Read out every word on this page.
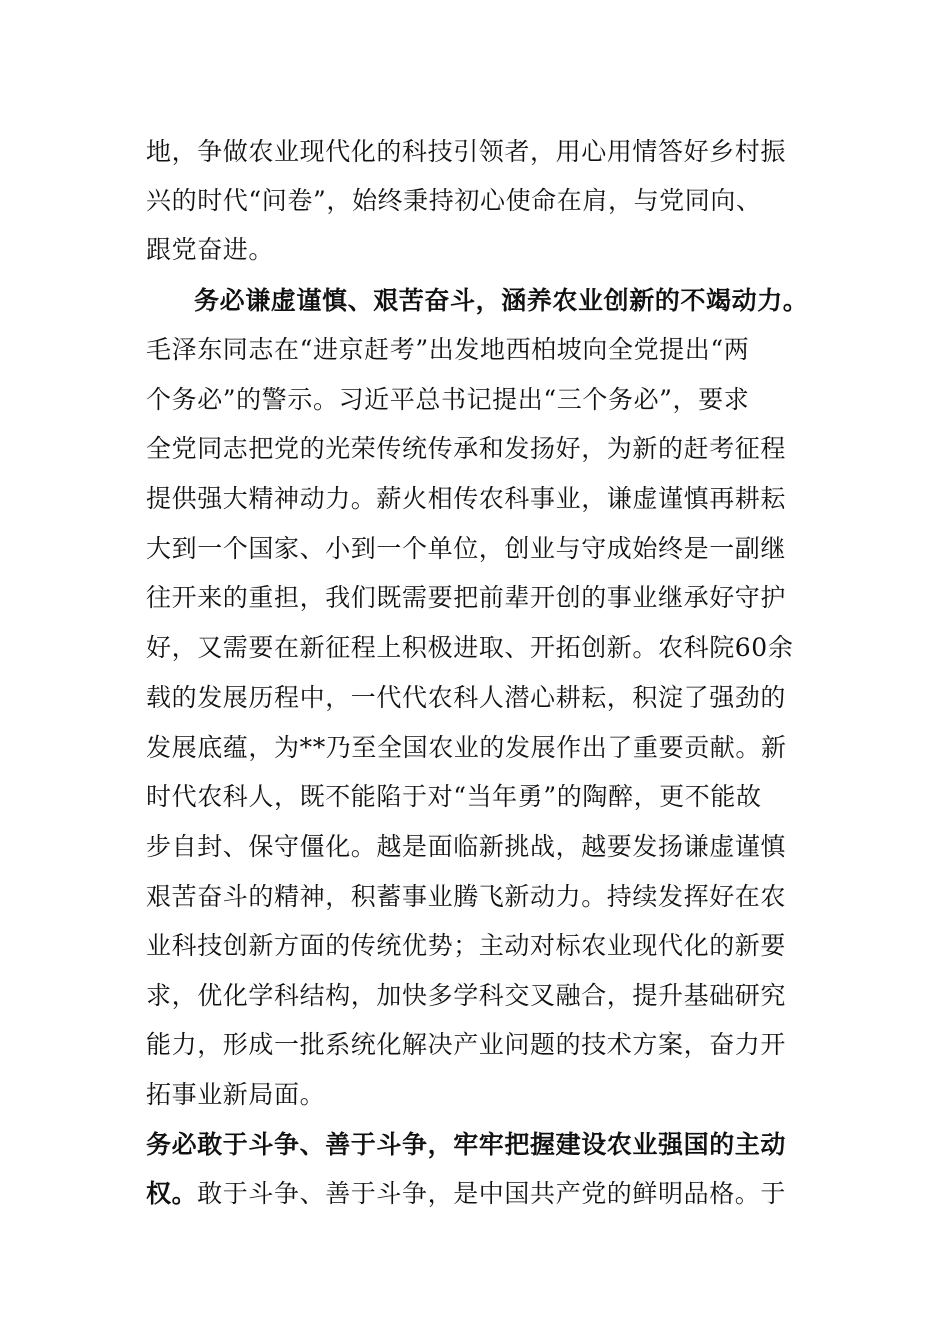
地，争做农业现代化的科技引领者，用心用情答好乡村振
兴的时代“问卷”，始终秉持初心使命在肩，与党同向、
跟党奋进。
务必谦虚谨慎、艰苦奋斗，涵养农业创新的不竭动力。
毛泽东同志在“进京赶考”出发地西柏坡向全党提出“两
个务必”的警示。习近平总书记提出“三个务必”，要求
全党同志把党的光荣传统传承和发扬好，为新的赶考征程
提供强大精神动力。薪火相传农科事业，谦虚谨慎再耕耘
大到一个国家、小到一个单位，创业与守成始终是一副继
往开来的重担，我们既需要把前辈开创的事业继承好守护
好，又需要在新征程上积极进取、开拓创新。农科院60余
载的发展历程中，一代代农科人潜心耕耘，积淀了强劲的
发展底蕴，为**乃至全国农业的发展作出了重要贡献。新
时代农科人，既不能陷于对“当年勇”的陶醉，更不能故
步自封、保守僵化。越是面临新挑战，越要发扬谦虚谨慎
艰苦奋斗的精神，积蓄事业腾飞新动力。持续发挥好在农
业科技创新方面的传统优势；主动对标农业现代化的新要
求，优化学科结构，加快多学科交叉融合，提升基础研究
能力，形成一批系统化解决产业问题的技术方案，奋力开
拓事业新局面。
务必敢于斗争、善于斗争，牢牢把握建设农业强国的主动
权。敢于斗争、善于斗争，是中国共产党的鲜明品格。于
